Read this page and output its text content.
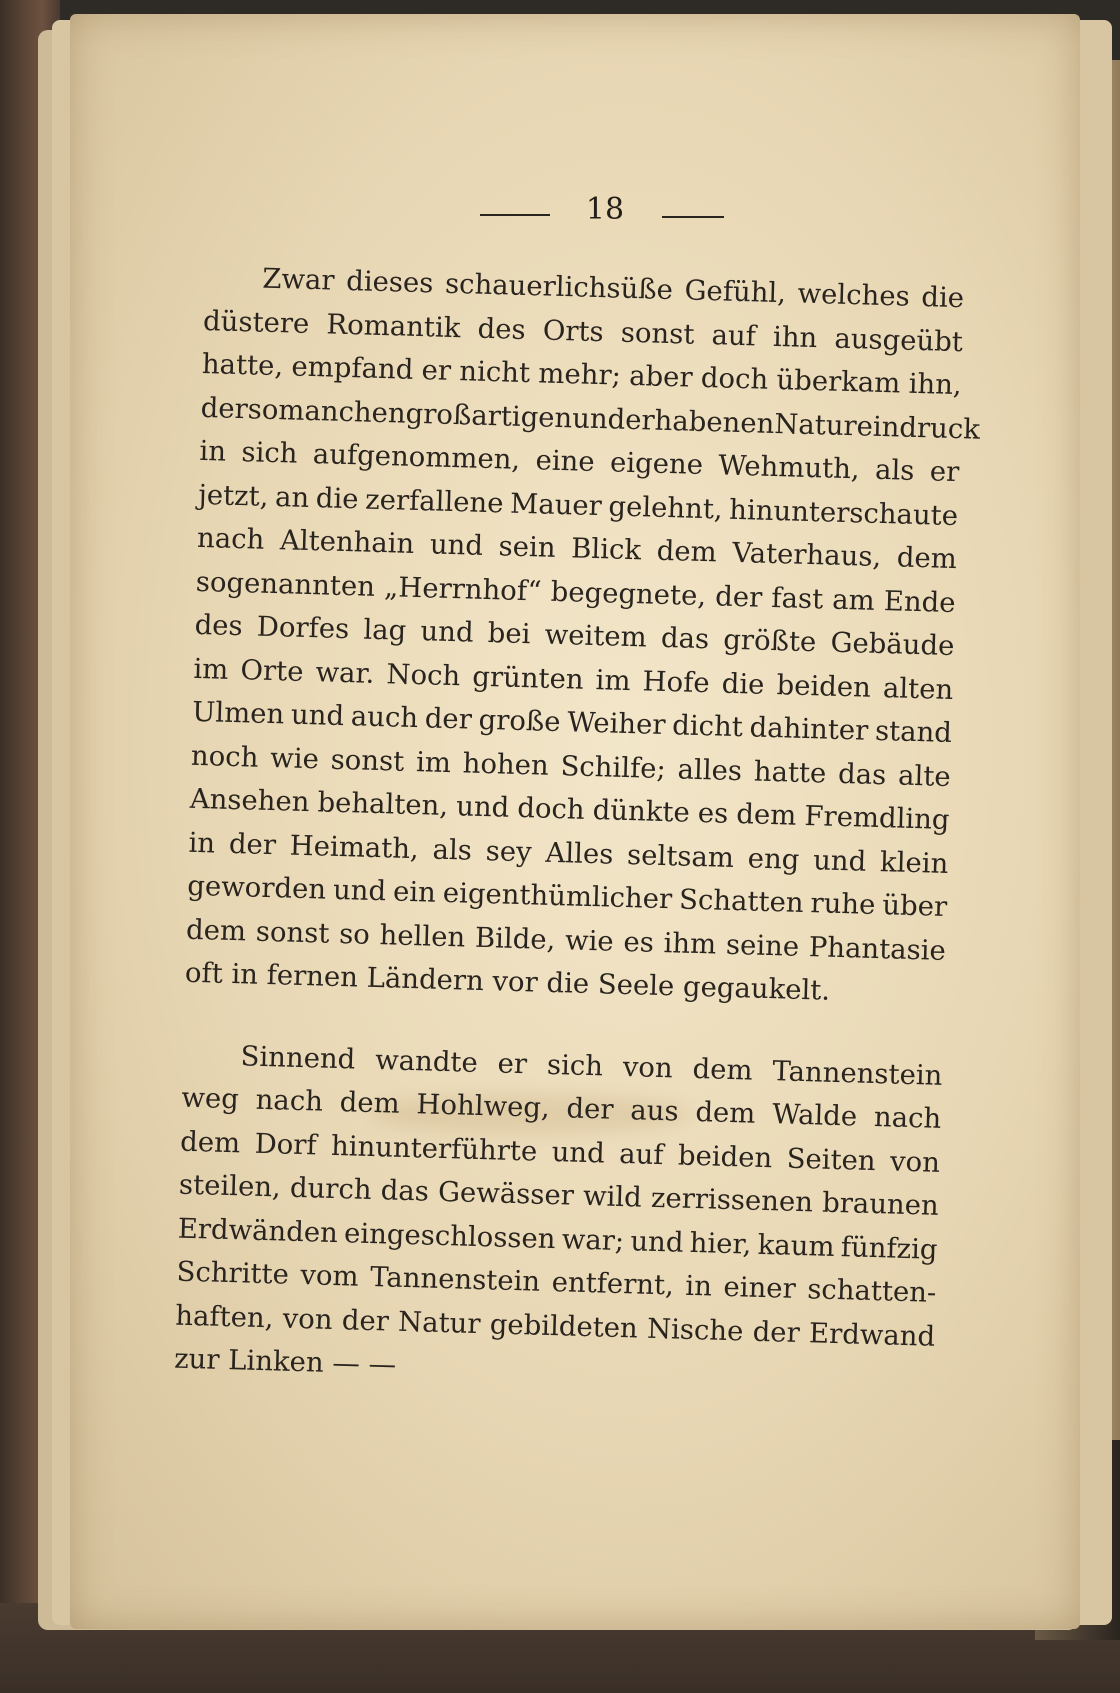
18
Zwar dieses schauerlichsüße Gefühl, welches die
düstere Romantik des Orts sonst auf ihn ausgeübt
hatte, empfand er nicht mehr; aber doch überkam ihn,
der so manchen großartigen und erhabenen Natureindruck
in sich aufgenommen, eine eigene Wehmuth, als er
jetzt, an die zerfallene Mauer gelehnt, hinunterschaute
nach Altenhain und sein Blick dem Vaterhaus, dem
sogenannten „Herrnhof“ begegnete, der fast am Ende
des Dorfes lag und bei weitem das größte Gebäude
im Orte war. Noch grünten im Hofe die beiden alten
Ulmen und auch der große Weiher dicht dahinter stand
noch wie sonst im hohen Schilfe; alles hatte das alte
Ansehen behalten, und doch dünkte es dem Fremdling
in der Heimath, als sey Alles seltsam eng und klein
geworden und ein eigenthümlicher Schatten ruhe über
dem sonst so hellen Bilde, wie es ihm seine Phantasie
oft in fernen Ländern vor die Seele gegaukelt.
Sinnend wandte er sich von dem Tannenstein
weg nach dem Hohlweg, der aus dem Walde nach
dem Dorf hinunterführte und auf beiden Seiten von
steilen, durch das Gewässer wild zerrissenen braunen
Erdwänden eingeschlossen war; und hier, kaum fünfzig
Schritte vom Tannenstein entfernt, in einer schatten-
haften, von der Natur gebildeten Nische der Erdwand
zur Linken — —
